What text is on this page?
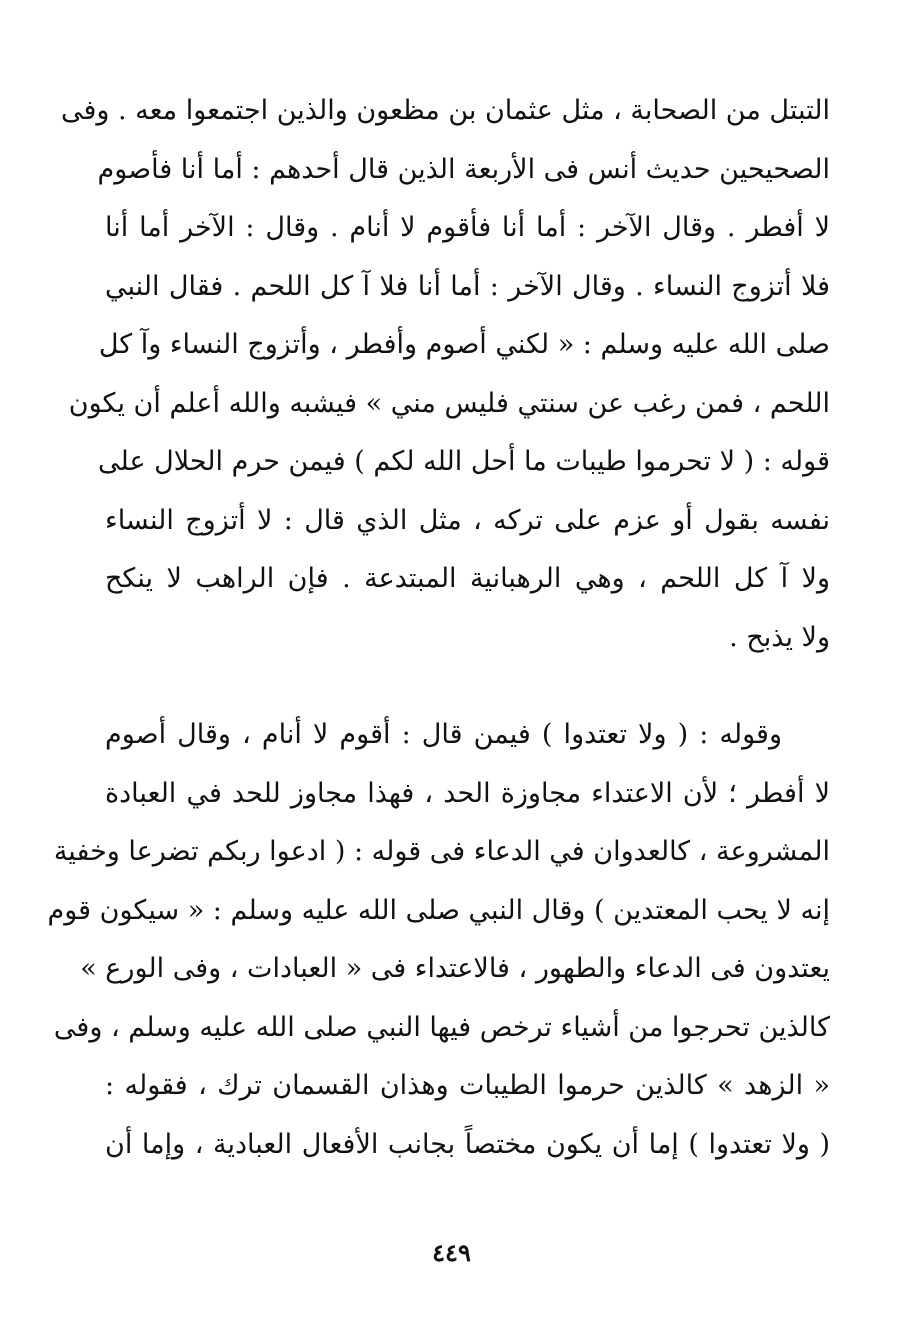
التبتل من الصحابة ، مثل عثمان بن مظعون والذين اجتمعوا معه . وفى
الصحيحين حديث أنس فى الأربعة الذين قال أحدهم : أما أنا فأصوم
لا أفطر . وقال الآخر : أما أنا فأقوم لا أنام . وقال : الآخر أما أنا
فلا أتزوج النساء . وقال الآخر : أما أنا فلا آ كل اللحم . فقال النبي
صلى الله عليه وسلم : « لكني أصوم وأفطر ، وأتزوج النساء وآ كل
اللحم ، فمن رغب عن سنتي فليس مني » فيشبه والله أعلم أن يكون
قوله : ( لا تحرموا طيبات ما أحل الله لكم ) فيمن حرم الحلال على
نفسه بقول أو عزم على تركه ، مثل الذي قال : لا أتزوج النساء
ولا آ كل اللحم ، وهي الرهبانية المبتدعة . فإن الراهب لا ينكح
ولا يذبح .
وقوله : ( ولا تعتدوا ) فيمن قال : أقوم لا أنام ، وقال أصوم
لا أفطر ؛ لأن الاعتداء مجاوزة الحد ، فهذا مجاوز للحد في العبادة
المشروعة ، كالعدوان في الدعاء فى قوله : ( ادعوا ربكم تضرعا وخفية
إنه لا يحب المعتدين ) وقال النبي صلى الله عليه وسلم : « سيكون قوم
يعتدون فى الدعاء والطهور ، فالاعتداء فى « العبادات ، وفى الورع »
كالذين تحرجوا من أشياء ترخص فيها النبي صلى الله عليه وسلم ، وفى
« الزهد » كالذين حرموا الطيبات وهذان القسمان ترك ، فقوله :
( ولا تعتدوا ) إما أن يكون مختصاً بجانب الأفعال العبادية ، وإما أن
٤٤٩
